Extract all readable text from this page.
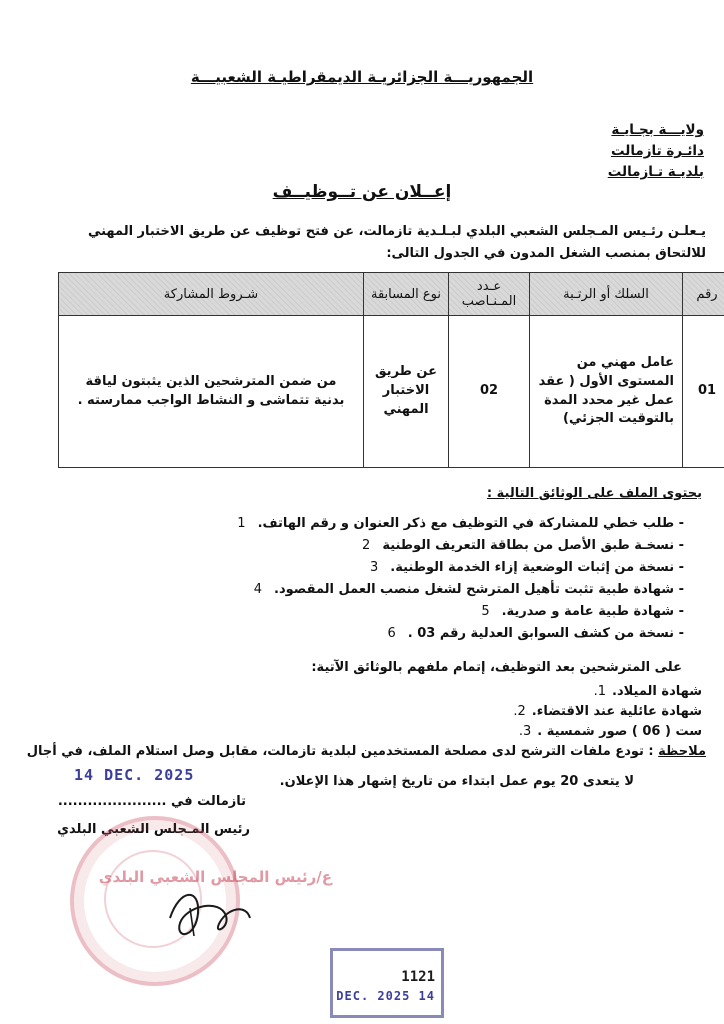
الجمهوريـــة الجزائريـة الديمقراطيـة الشعبيـــة
ولايـــة بجـايـة
دائـرة تازمالت
بلديـة تـازمالت
إعــلان عن تــوظيــف
يـعلـن رئـيس المـجلس الشعبي البلدي لبـلـدية تازمالت، عن فتح توظيف عن طريق الاختبار المهني
للالتحاق بمنصب الشغل المدون في الجدول التالى:
رقم	السلك أو الرتـبة	عـدد المـنـاصب	نوع المسابقة	شـروط المشاركة
01	عامل مهني من المستوى الأول ( عقد عمل غير محدد المدة بالتوقيت الجزئي)	02	عن طريق الاختبار المهني	من ضمن المترشحين الذين يثبتون لياقة بدنية تتماشى و النشاط الواجب ممارسته .
يحتوى الملف على الوثائق التالية :
1 - طلب خطي للمشاركة في التوظيف مع ذكر العنوان و رقم الهاتف.
2 - نسخـة طبق الأصل من بطاقة التعريف الوطنية
3 - نسخة من إثبات الوضعية إزاء الخدمة الوطنية.
4 - شهادة طبية تثبت تأهيل المترشح لشغل منصب العمل المقصود.
5 - شهادة طبية عامة و صدرية.
6 - نسخة من كشف السوابق العدلية رقم 03 .
على المترشحين بعد التوظيف، إتمام ملفهم بالوثائق الآتية:
1. شهادة الميلاد.
2. شهادة عائلية عند الاقتضاء.
3. ست ( 06 ) صور شمسية .
ملاحظة : تودع ملفات الترشح لدى مصلحة المستخدمين لبلدية تازمالت، مقابل وصل استلام الملف، في أجال
14 DEC. 2025	لا يتعدى 20 يوم عمل ابتداء من تاريخ إشهار هذا الإعلان.
تازمالت في ......................
رئيس المـجلس الشعبي البلدي
ع/رئيس المجلس الشعبي البلدي
1121
14 DEC. 2025
